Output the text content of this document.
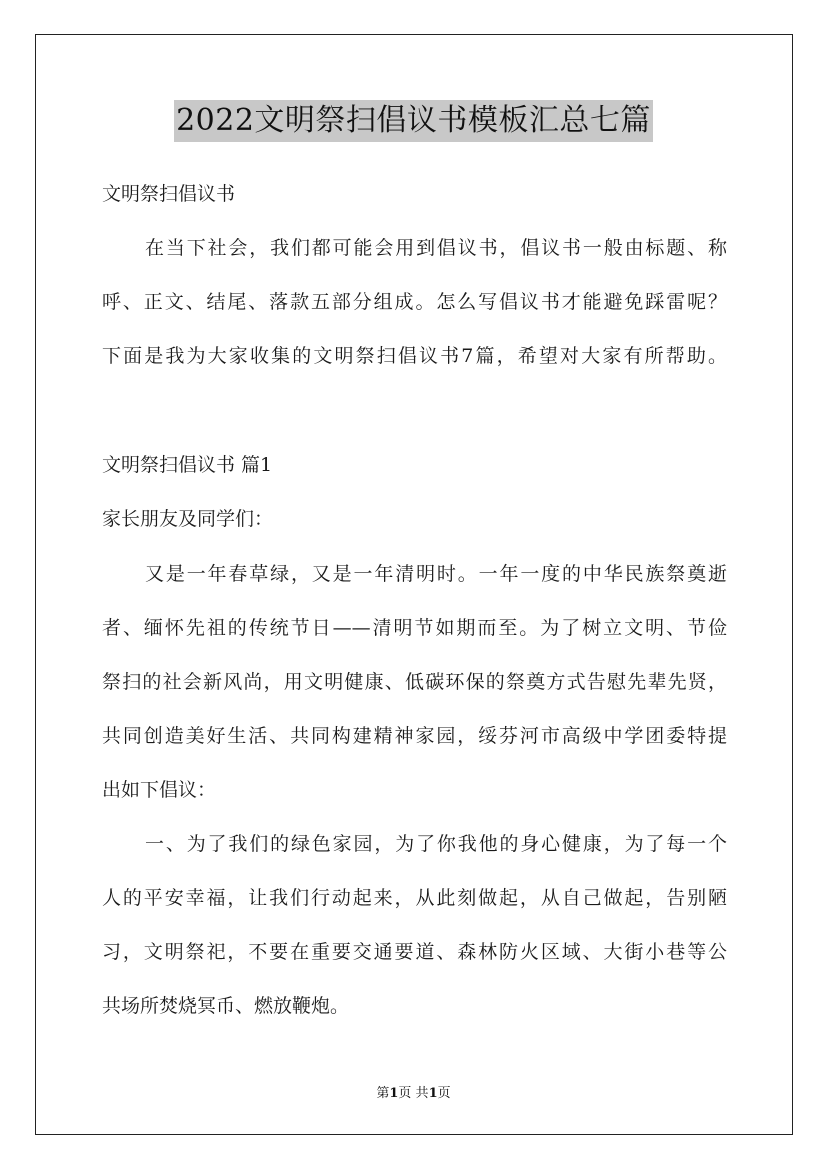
2022文明祭扫倡议书模板汇总七篇
文明祭扫倡议书
在当下社会，我们都可能会用到倡议书，倡议书一般由标题、称
呼、正文、结尾、落款五部分组成。怎么写倡议书才能避免踩雷呢？
下面是我为大家收集的文明祭扫倡议书7篇，希望对大家有所帮助。
文明祭扫倡议书 篇1
家长朋友及同学们：
又是一年春草绿，又是一年清明时。一年一度的中华民族祭奠逝
者、缅怀先祖的传统节日——清明节如期而至。为了树立文明、节俭
祭扫的社会新风尚，用文明健康、低碳环保的祭奠方式告慰先辈先贤，
共同创造美好生活、共同构建精神家园，绥芬河市高级中学团委特提
出如下倡议：
一、为了我们的绿色家园，为了你我他的身心健康，为了每一个
人的平安幸福，让我们行动起来，从此刻做起，从自己做起，告别陋
习，文明祭祀，不要在重要交通要道、森林防火区域、大街小巷等公
共场所焚烧冥币、燃放鞭炮。
第1页 共1页
